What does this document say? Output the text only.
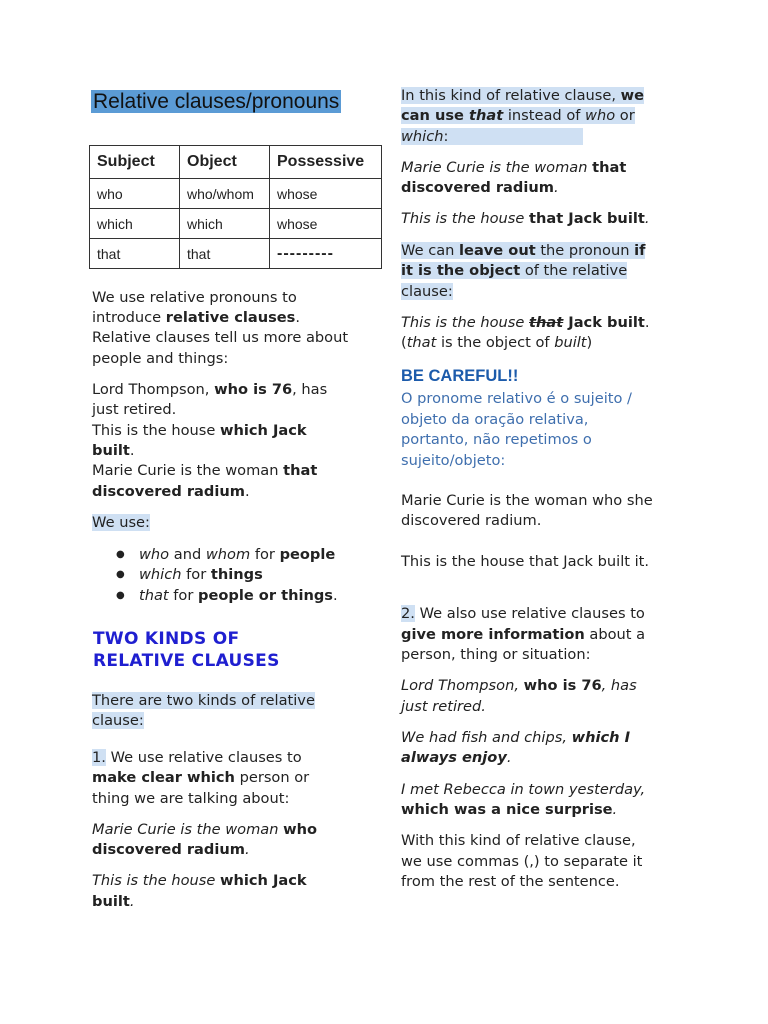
Relative clauses/pronouns
Subject	Object	Possessive
who	who/whom	whose
which	which	whose
that	that	---------
We use relative pronouns to
introduce relative clauses.
Relative clauses tell us more about
people and things:
Lord Thompson, who is 76, has
just retired.
This is the house which Jack
built.
Marie Curie is the woman that
discovered radium.
We use:
● who and whom for people
● which for things
● that for people or things.
TWO KINDS OF
RELATIVE CLAUSES
There are two kinds of relative
clause:
1. We use relative clauses to
make clear which person or
thing we are talking about:
Marie Curie is the woman who
discovered radium.
This is the house which Jack
built.
In this kind of relative clause, we
can use that instead of who or
which:
Marie Curie is the woman that
discovered radium.
This is the house that Jack built.
We can leave out the pronoun if
it is the object of the relative
clause:
This is the house that Jack built.
(that is the object of built)
BE CAREFUL!!
O pronome relativo é o sujeito /
objeto da oração relativa,
portanto, não repetimos o
sujeito/objeto:
Marie Curie is the woman who she
discovered radium.
This is the house that Jack built it.
2. We also use relative clauses to
give more information about a
person, thing or situation:
Lord Thompson, who is 76, has
just retired.
We had fish and chips, which I
always enjoy.
I met Rebecca in town yesterday,
which was a nice surprise.
With this kind of relative clause,
we use commas (,) to separate it
from the rest of the sentence.
